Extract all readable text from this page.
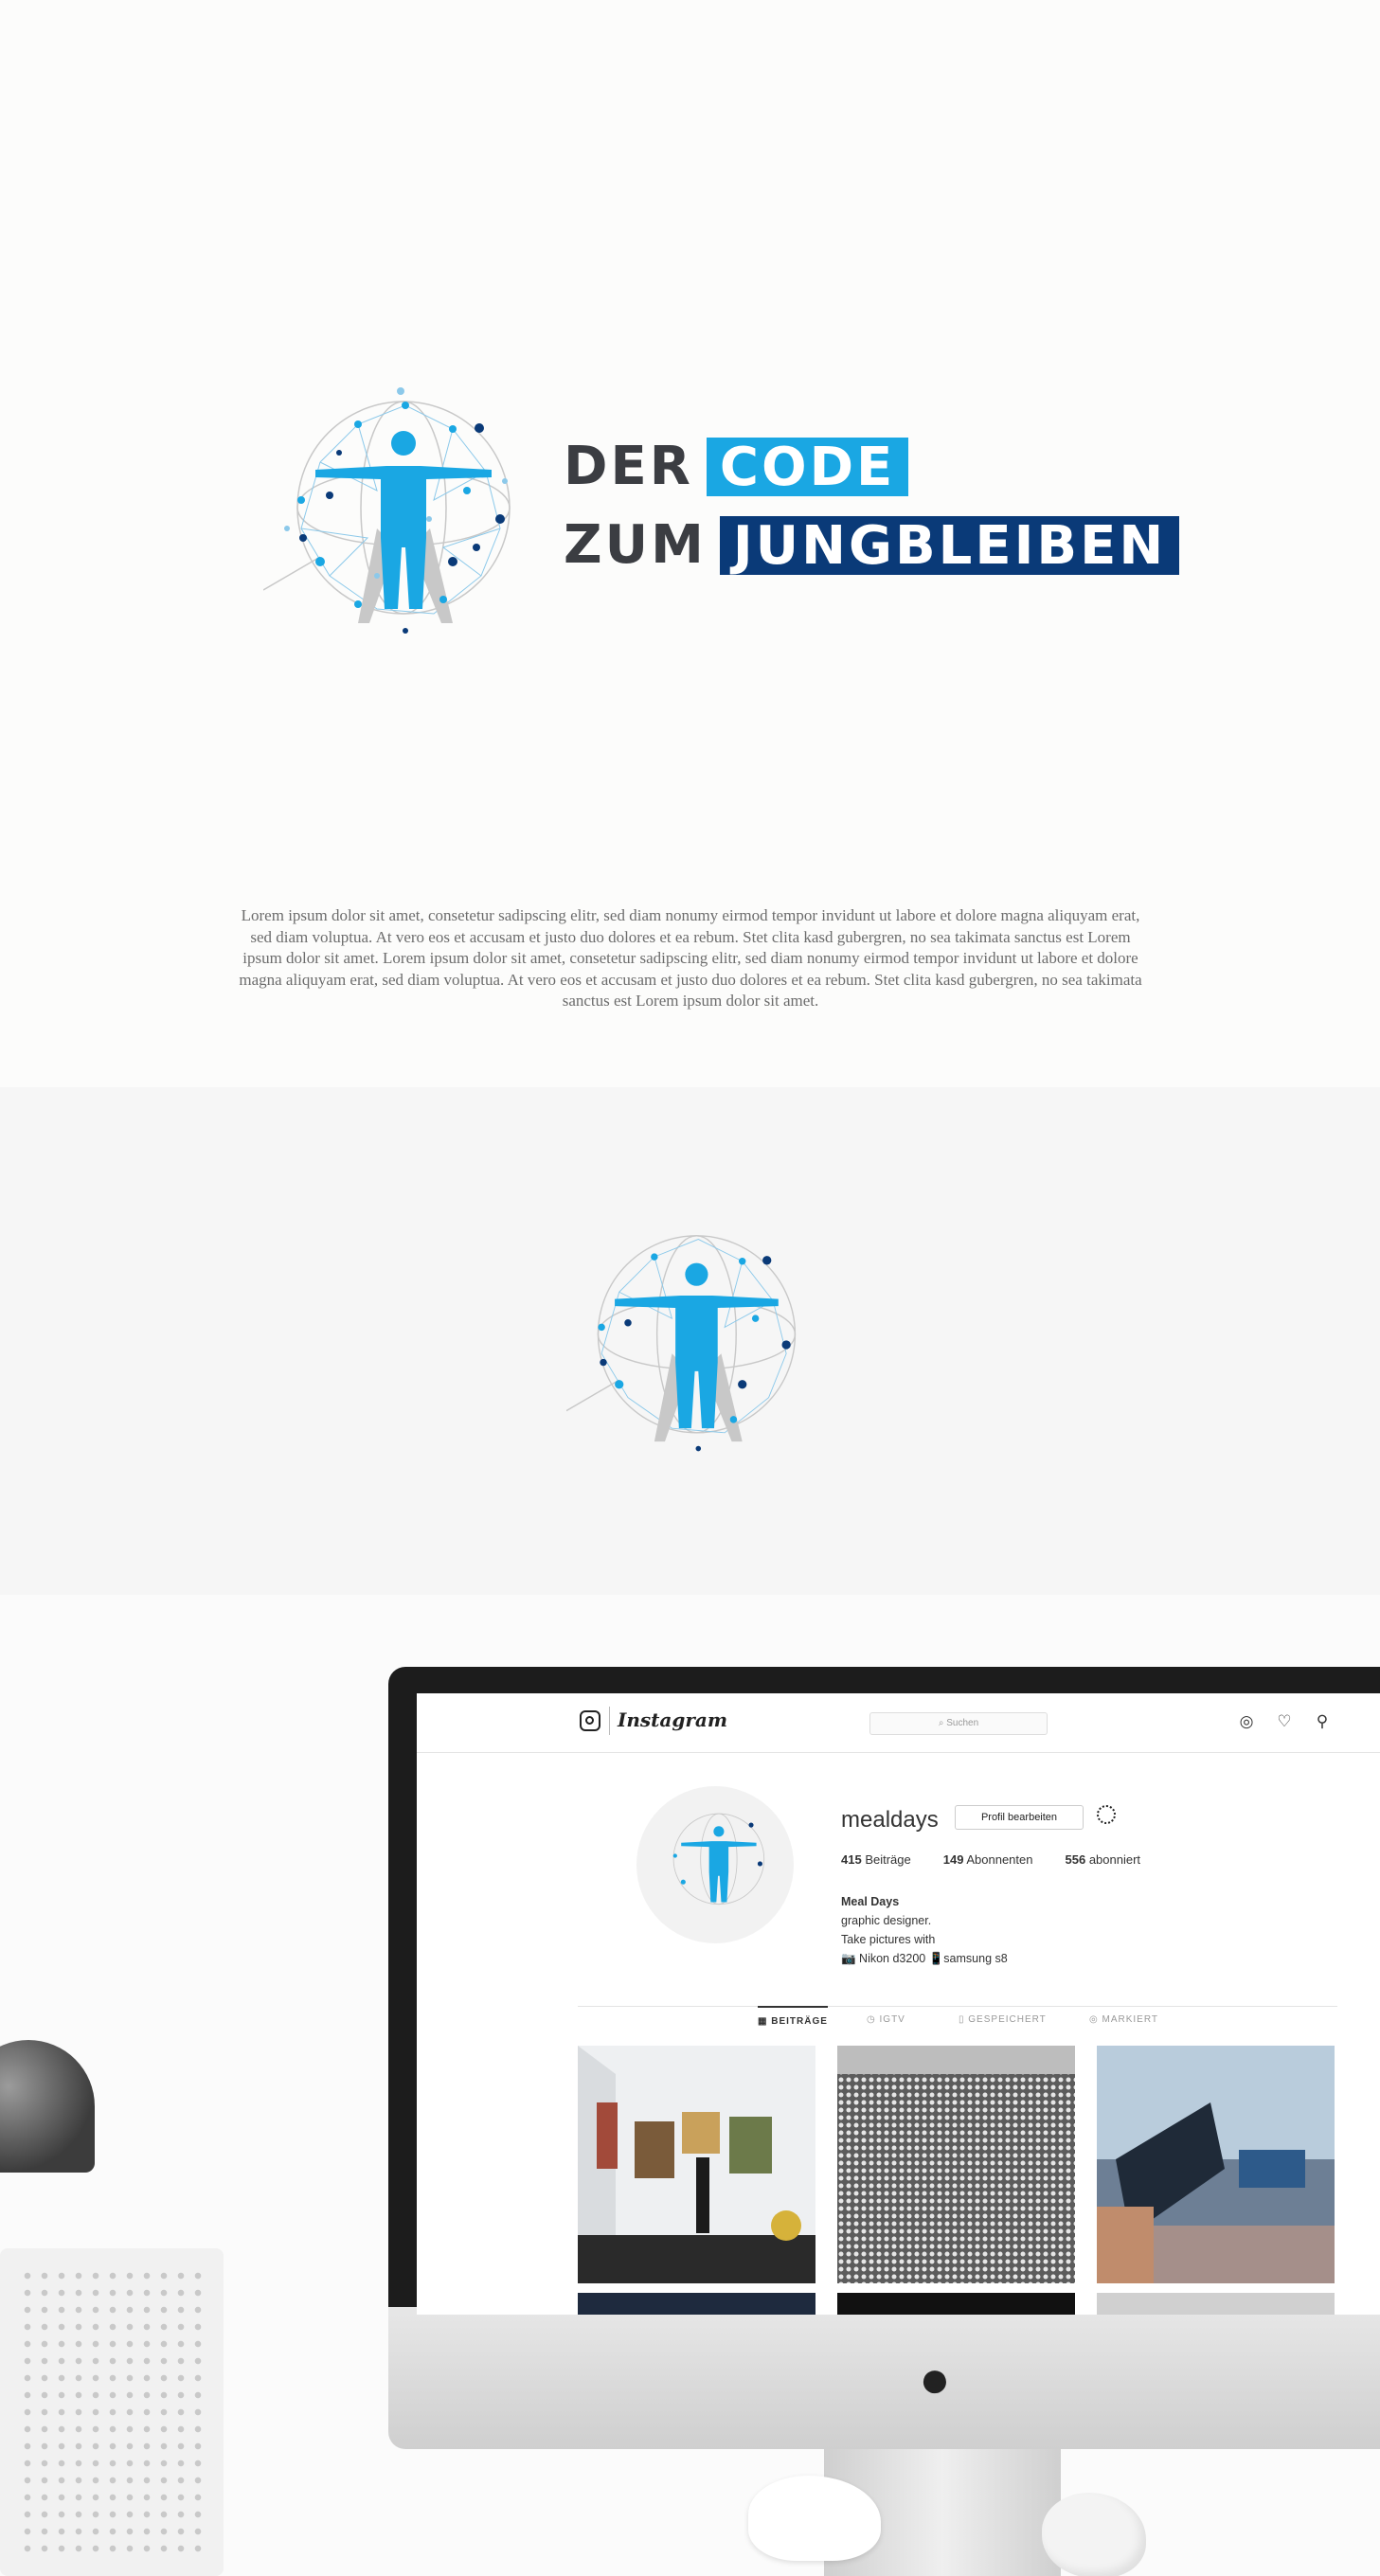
DER CODE
ZUM JUNGBLEIBEN
Lorem ipsum dolor sit amet, consetetur sadipscing elitr, sed diam nonumy eirmod tempor invidunt ut labore et dolore magna aliquyam erat, sed diam voluptua. At vero eos et accusam et justo duo dolores et ea rebum. Stet clita kasd gubergren, no sea takimata sanctus est Lorem ipsum dolor sit amet. Lorem ipsum dolor sit amet, consetetur sadipscing elitr, sed diam nonumy eirmod tempor invidunt ut labore et dolore magna aliquyam erat, sed diam voluptua. At vero eos et accusam et justo duo dolores et ea rebum. Stet clita kasd gubergren, no sea takimata sanctus est Lorem ipsum dolor sit amet.
●
Instagram	⌕ Suchen	◎ ♡ ⚲
mealdays	Profil bearbeiten
415 Beiträge	149 Abonnenten	556 abonniert
Meal Days
graphic designer.
Take pictures with
📷 Nikon d3200 📱samsung s8
▦ BEITRÄGE	◷ IGTV	▯ GESPEICHERT	◎ MARKIERT
